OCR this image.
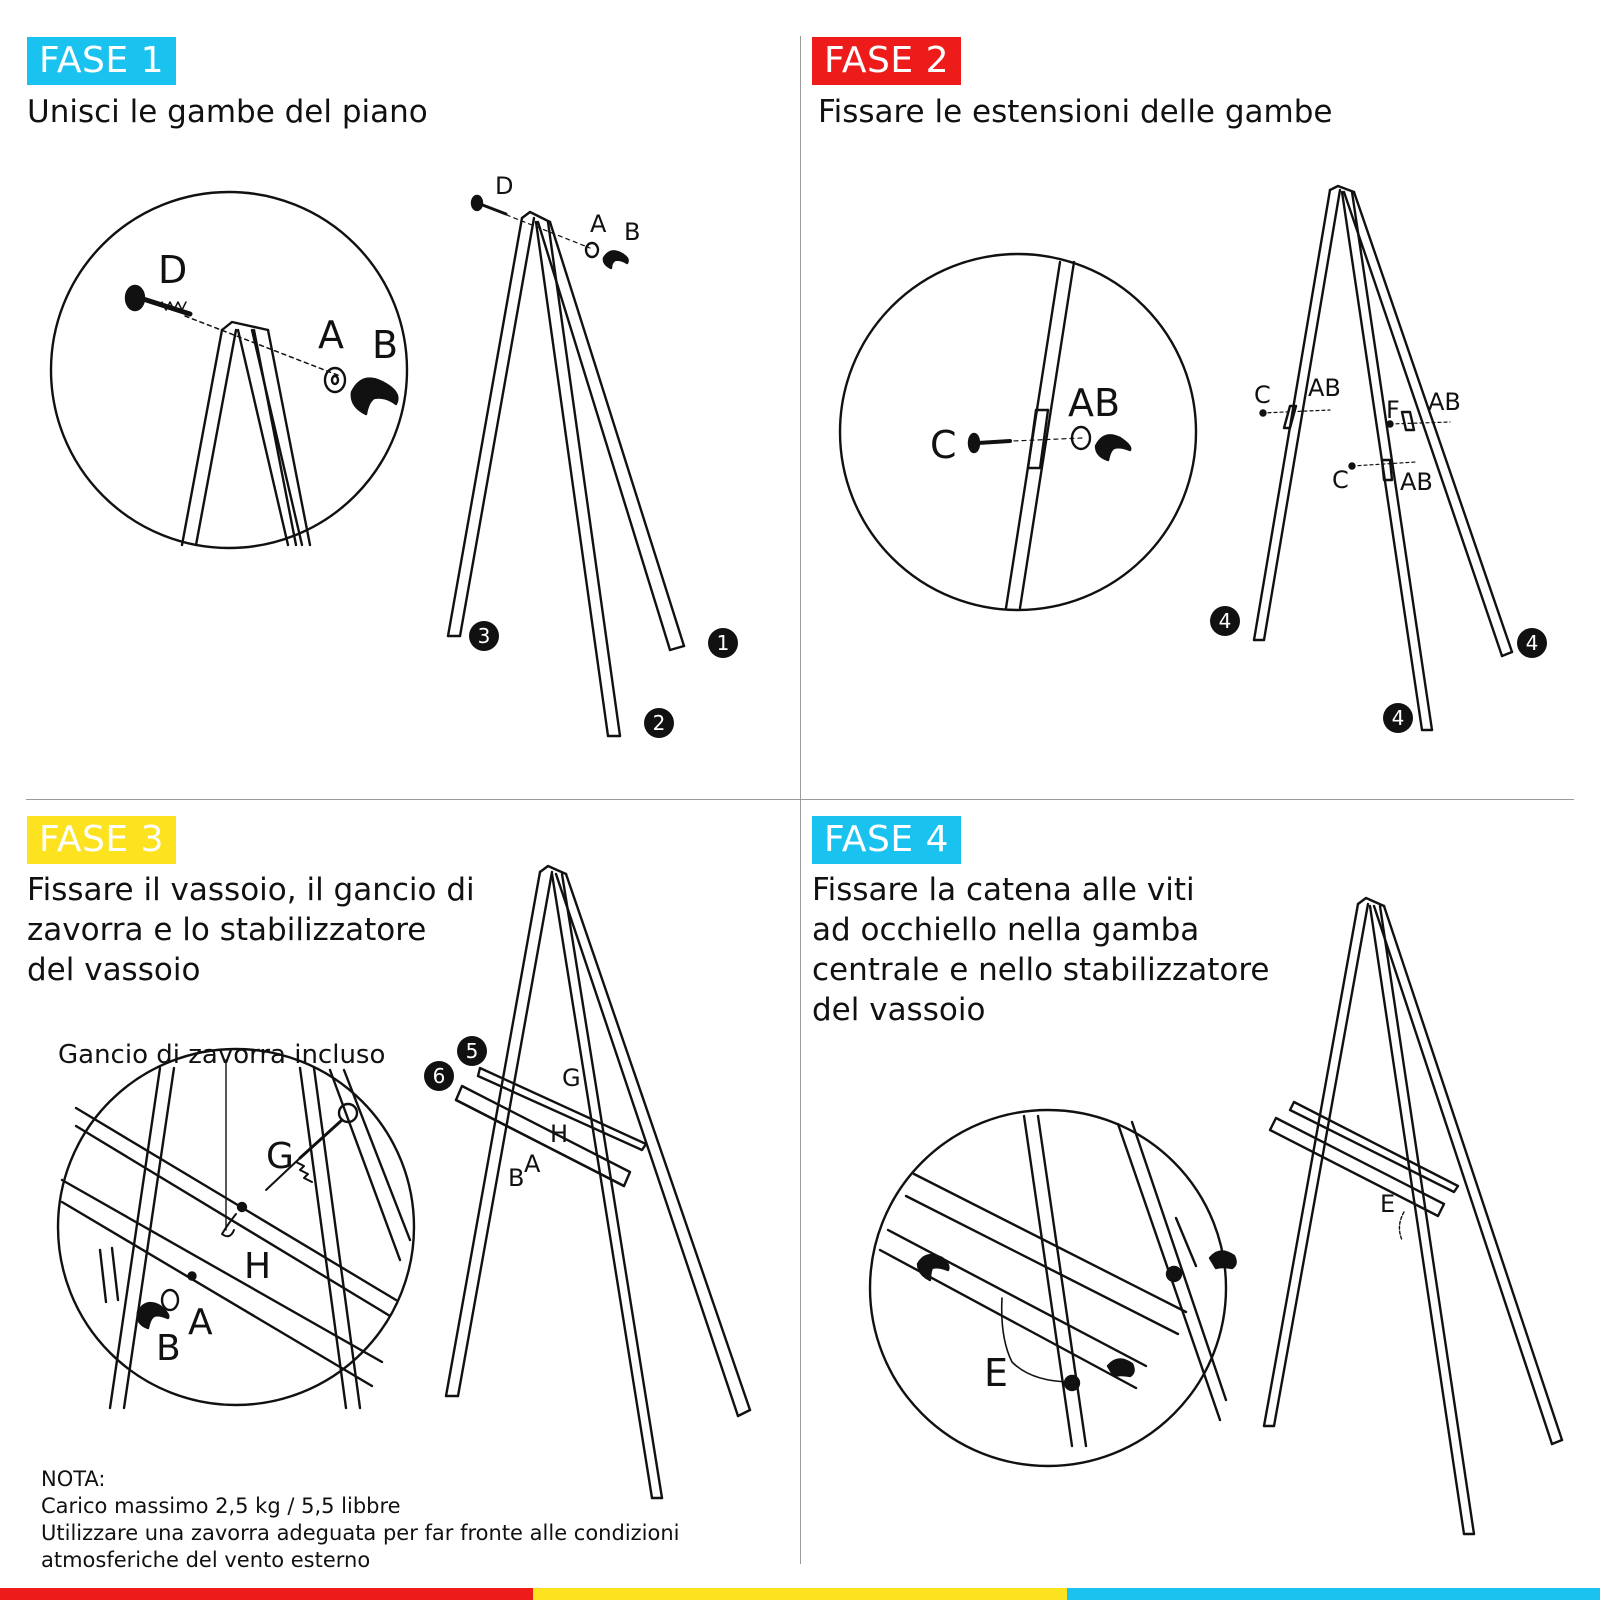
FASE 1
Unisci le gambe del piano
FASE 2
Fissare le estensioni delle gambe
FASE 3
Fissare il vassoio, il gancio di
zavorra e lo stabilizzatore
del vassoio
FASE 4
Fissare la catena alle viti
ad occhiello nella gamba
centrale e nello stabilizzatore
del vassoio
D
A B
D
A B
C
AB	C AB
F AB
C AB
Gancio di zavorra incluso
G
H
A
B
G
H
A
B
E
E
3	1
2
4
4
4
5
6
NOTA:
Carico massimo 2,5 kg / 5,5 libbre
Utilizzare una zavorra adeguata per far fronte alle condizioni
atmosferiche del vento esterno
